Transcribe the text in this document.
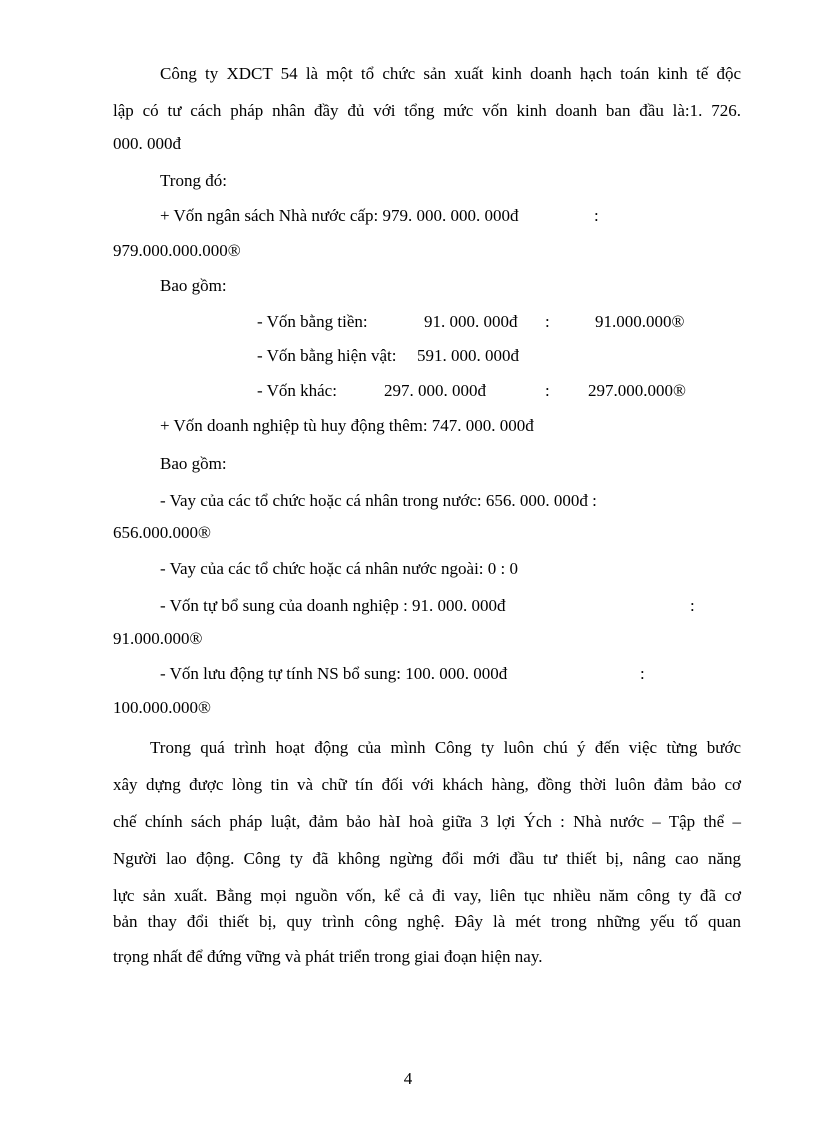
Công ty XDCT 54 là một tổ chức sản xuất kinh doanh hạch toán kinh tế độc
lập có tư cách pháp nhân đầy đủ với tổng mức vốn kinh doanh ban đầu là:1. 726.
000. 000đ
Trong đó:
+ Vốn ngân sách Nhà nước cấp: 979. 000. 000. 000đ	:
979.000.000.000®
Bao gồm:
- Vốn bằng tiền:	91. 000. 000đ :	91.000.000®
- Vốn bằng hiện vật: 591. 000. 000đ
- Vốn khác:	297. 000. 000đ	: 297.000.000®
+ Vốn doanh nghiệp tù huy động thêm: 747. 000. 000đ
Bao gồm:
- Vay của các tổ chức hoặc cá nhân trong nước: 656. 000. 000đ :
656.000.000®
- Vay của các tổ chức hoặc cá nhân nước ngoài: 0 : 0
- Vốn tự bổ sung của doanh nghiệp : 91. 000. 000đ	:
91.000.000®
- Vốn lưu động tự tính NS bổ sung: 100. 000. 000đ	:
100.000.000®
Trong quá trình hoạt động của mình Công ty luôn chú ý đến việc từng bước
xây dựng được lòng tin và chữ tín đối với khách hàng, đồng thời luôn đảm bảo cơ
chế chính sách pháp luật, đảm bảo hàI hoà giữa 3 lợi Ých : Nhà nước – Tập thể –
Người lao động. Công ty đã không ngừng đổi mới đầu tư thiết bị, nâng cao năng
lực sản xuất. Bằng mọi nguồn vốn, kể cả đi vay, liên tục nhiều năm công ty đã cơ
bản thay đổi thiết bị, quy trình công nghệ. Đây là mét trong những yếu tố quan
trọng nhất để đứng vững và phát triển trong giai đoạn hiện nay.
4
